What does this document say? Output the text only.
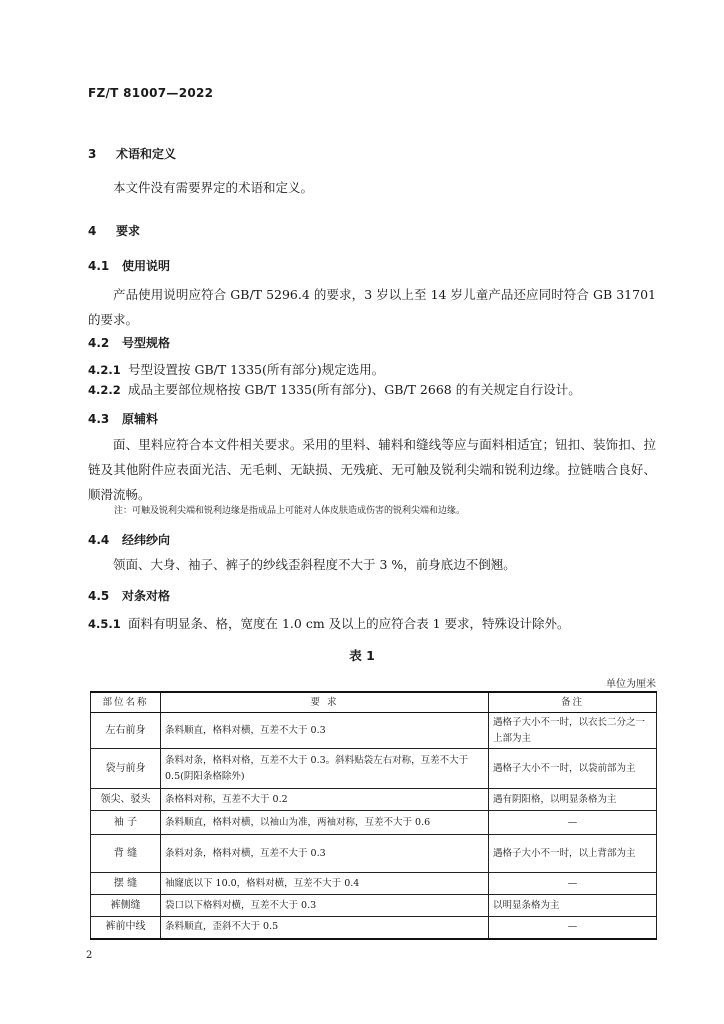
FZ/T 81007—2022
3 术语和定义

本文件没有需要界定的术语和定义。

4 要求
4.1 使用说明

产品使用说明应符合 GB/T 5296.4 的要求，3 岁以上至 14 岁儿童产品还应同时符合 GB 31701 的要求。

4.2 号型规格
4.2.1 号型设置按 GB/T 1335(所有部分)规定选用。
4.2.2 成品主要部位规格按 GB/T 1335(所有部分)、GB/T 2668 的有关规定自行设计。
4.3 原辅料

面、里料应符合本文件相关要求。采用的里料、辅料和缝线等应与面料相适宜；钮扣、装饰扣、拉链及其他附件应表面光洁、无毛刺、无缺损、无残疵、无可触及锐利尖端和锐利边缘。拉链啮合良好、顺滑流畅。

注：可触及锐利尖端和锐利边缘是指成品上可能对人体皮肤造成伤害的锐利尖端和边缘。
4.4 经纬纱向

领面、大身、袖子、裤子的纱线歪斜程度不大于 3 %，前身底边不倒翘。

4.5 对条对格
4.5.1 面料有明显条、格，宽度在 1.0 cm 及以上的应符合表 1 要求，特殊设计除外。
表 1
单位为厘米
部位名称	要 求	备注
左右前身	条料顺直，格料对横，互差不大于 0.3	遇格子大小不一时，以衣长二分之一上部为主
袋与前身	条料对条，格料对格，互差不大于 0.3。斜料贴袋左右对称，互差不大于 0.5(阴阳条格除外)	遇格子大小不一时，以袋前部为主
领尖、驳头	条格料对称，互差不大于 0.2	遇有阴阳格，以明显条格为主
袖 子	条料顺直，格料对横，以袖山为准，两袖对称，互差不大于 0.6	—
背 缝	条料对条，格料对横，互差不大于 0.3	遇格子大小不一时，以上背部为主
摆 缝	袖窿底以下 10.0，格料对横，互差不大于 0.4	—
裤侧缝	袋口以下格料对横，互差不大于 0.3	以明显条格为主
裤前中线	条料顺直，歪斜不大于 0.5	—
2
